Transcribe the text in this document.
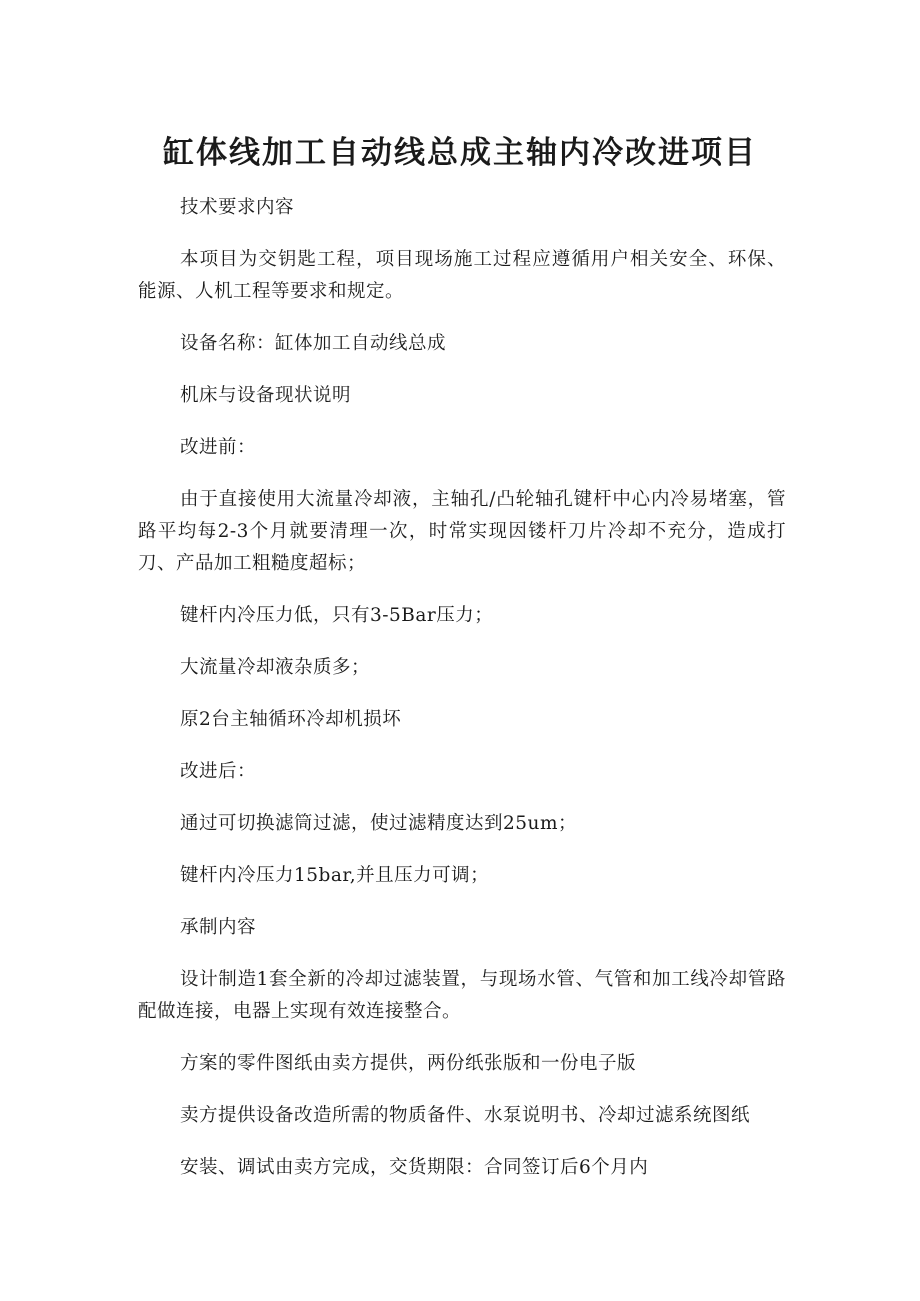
缸体线加工自动线总成主轴内冷改进项目

技术要求内容

本项目为交钥匙工程，项目现场施工过程应遵循用户相关安全、环保、能源、人机工程等要求和规定。

设备名称：缸体加工自动线总成

机床与设备现状说明

改进前：

由于直接使用大流量冷却液，主轴孔/凸轮轴孔键杆中心内冷易堵塞，管路平均每2-3个月就要清理一次，时常实现因镂杆刀片冷却不充分，造成打刀、产品加工粗糙度超标；

键杆内冷压力低，只有3-5Bar压力；

大流量冷却液杂质多；

原2台主轴循环冷却机损坏

改进后：

通过可切换滤筒过滤，使过滤精度达到25um；

键杆内冷压力15bar,并且压力可调；

承制内容

设计制造1套全新的冷却过滤装置，与现场水管、气管和加工线冷却管路配做连接，电器上实现有效连接整合。

方案的零件图纸由卖方提供，两份纸张版和一份电子版

卖方提供设备改造所需的物质备件、水泵说明书、冷却过滤系统图纸

安装、调试由卖方完成，交货期限：合同签订后6个月内
